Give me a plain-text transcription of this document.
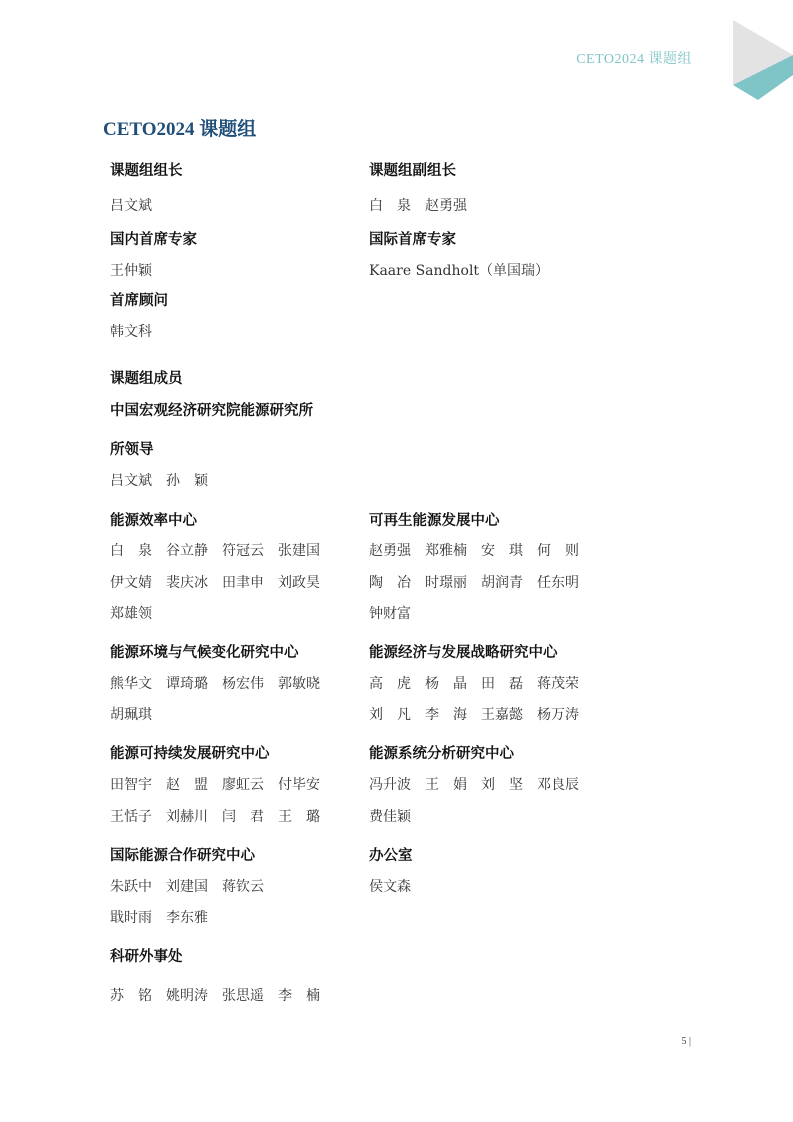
CETO2024 课题组
CETO2024 课题组
课题组组长	课题组副组长
吕文斌	白　泉　赵勇强
国内首席专家	国际首席专家
王仲颖	Kaare Sandholt（单国瑞）
首席顾问
韩文科
课题组成员
中国宏观经济研究院能源研究所
所领导
吕文斌　孙　颖
能源效率中心
白　泉　谷立静　符冠云　张建国
伊文婧　裴庆冰　田聿申　刘政昊
郑雄领
可再生能源发展中心
赵勇强　郑雅楠　安　琪　何　则
陶　冶　时璟丽　胡润青　任东明
钟财富
能源环境与气候变化研究中心
熊华文　谭琦璐　杨宏伟　郭敏晓
胡珮琪
能源经济与发展战略研究中心
高　虎　杨　晶　田　磊　蒋茂荣
刘　凡　李　海　王嘉懿　杨万涛
能源可持续发展研究中心
田智宇　赵　盟　廖虹云　付毕安
王恬子　刘赫川　闫　君　王　璐
能源系统分析研究中心
冯升波　王　娟　刘　坚　邓良辰
费佳颖
国际能源合作研究中心
朱跃中　刘建国　蒋钦云
戢时雨　李东雅
办公室
侯文森
科研外事处
苏　铭　姚明涛　张思遥　李　楠
5 |
